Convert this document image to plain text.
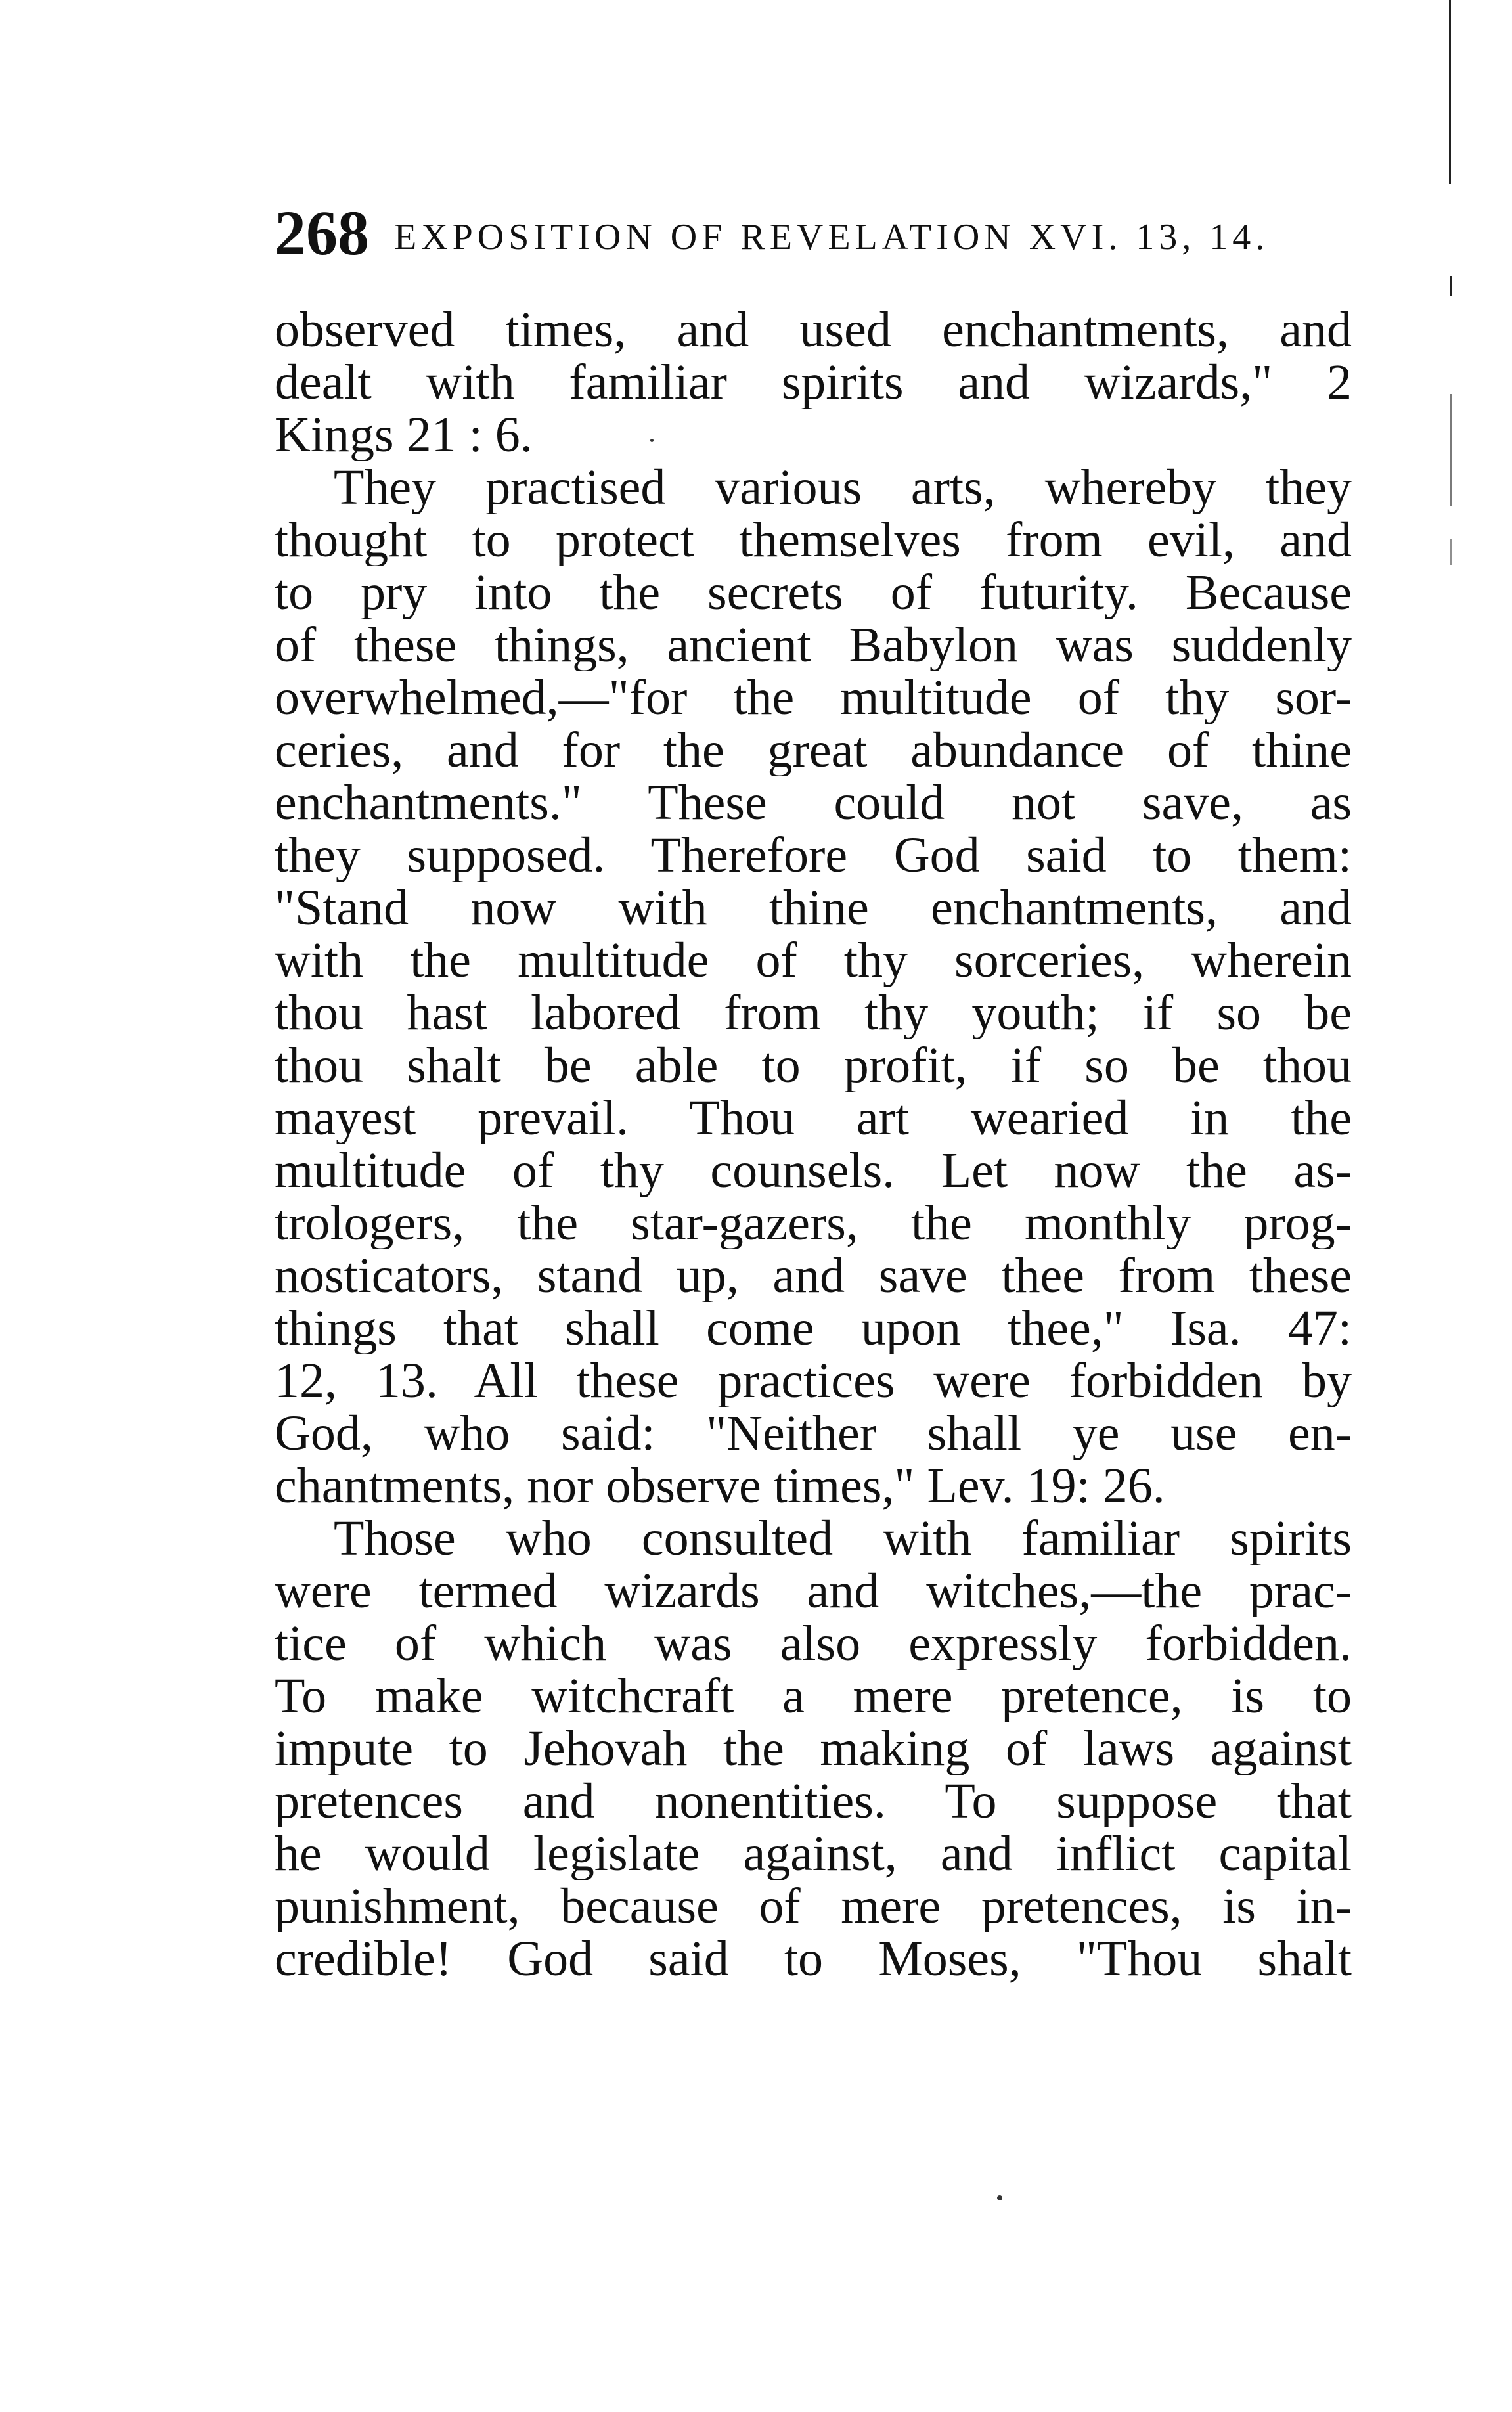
268 EXPOSITION OF REVELATION XVI. 13, 14.
observed times, and used enchantments, and
dealt with familiar spirits and wizards," 2
Kings 21 : 6.
They practised various arts, whereby they
thought to protect themselves from evil, and
to pry into the secrets of futurity. Because
of these things, ancient Babylon was suddenly
overwhelmed,—"for the multitude of thy sor-
ceries, and for the great abundance of thine
enchantments." These could not save, as
they supposed. Therefore God said to them:
"Stand now with thine enchantments, and
with the multitude of thy sorceries, wherein
thou hast labored from thy youth; if so be
thou shalt be able to profit, if so be thou
mayest prevail. Thou art wearied in the
multitude of thy counsels. Let now the as-
trologers, the star-gazers, the monthly prog-
nosticators, stand up, and save thee from these
things that shall come upon thee," Isa. 47:
12, 13. All these practices were forbidden by
God, who said: "Neither shall ye use en-
chantments, nor observe times," Lev. 19: 26.
Those who consulted with familiar spirits
were termed wizards and witches,—the prac-
tice of which was also expressly forbidden.
To make witchcraft a mere pretence, is to
impute to Jehovah the making of laws against
pretences and nonentities. To suppose that
he would legislate against, and inflict capital
punishment, because of mere pretences, is in-
credible! God said to Moses, "Thou shalt
